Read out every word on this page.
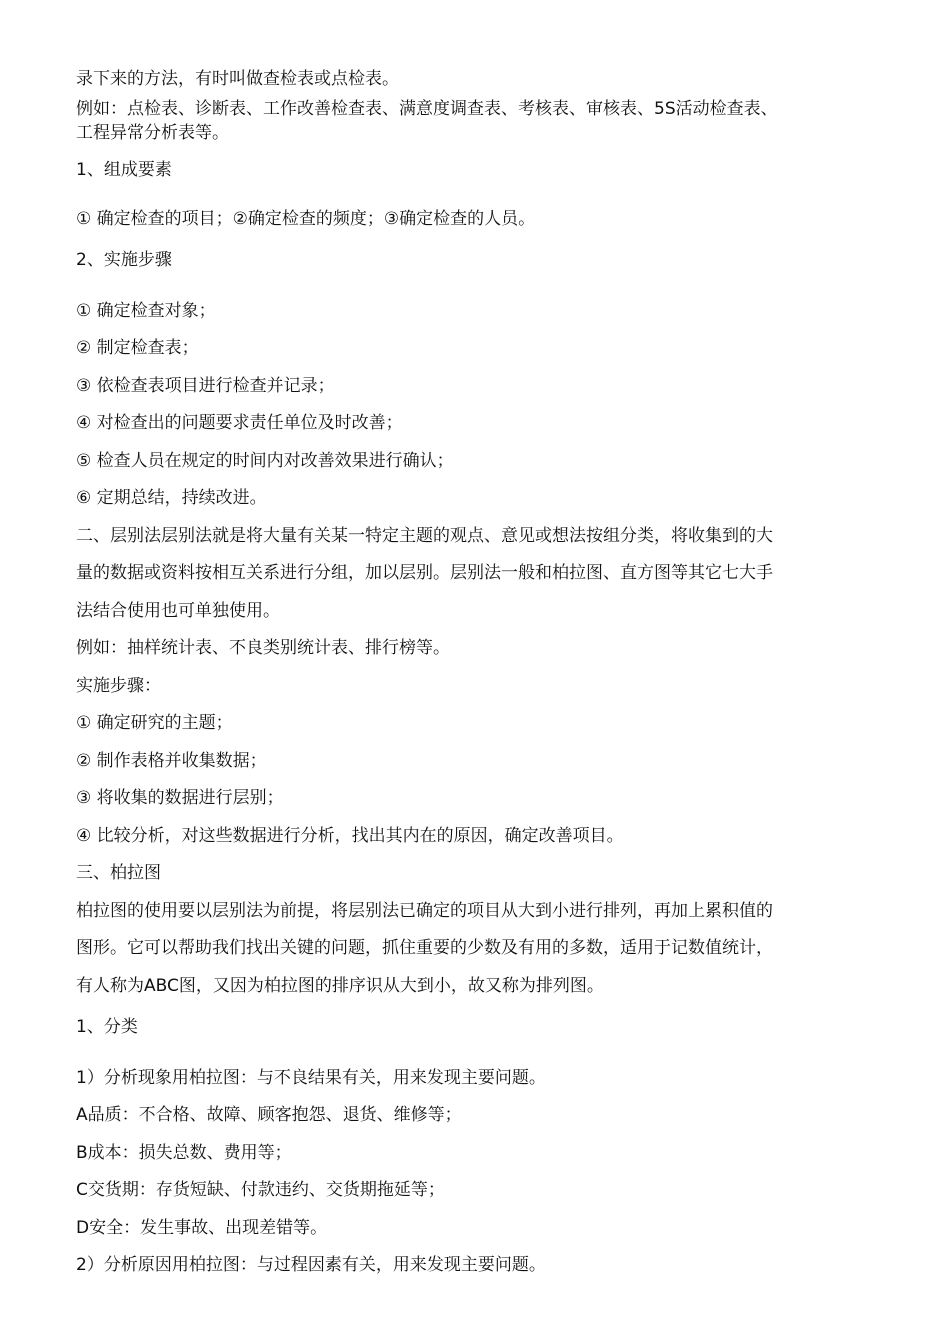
录下来的方法，有时叫做查检表或点检表。

例如：点检表、诊断表、工作改善检查表、满意度调查表、考核表、审核表、5S活动检查表、

工程异常分析表等。

1、组成要素

① 确定检查的项目；②确定检查的频度；③确定检查的人员。

2、实施步骤

① 确定检查对象；

② 制定检查表；

③ 依检查表项目进行检查并记录；

④ 对检查出的问题要求责任单位及时改善；

⑤ 检查人员在规定的时间内对改善效果进行确认；

⑥ 定期总结，持续改进。

二、层别法层别法就是将大量有关某一特定主题的观点、意见或想法按组分类，将收集到的大

量的数据或资料按相互关系进行分组，加以层别。层别法一般和柏拉图、直方图等其它七大手

法结合使用也可单独使用。

例如：抽样统计表、不良类别统计表、排行榜等。

实施步骤：

① 确定研究的主题；

② 制作表格并收集数据；

③ 将收集的数据进行层别；

④ 比较分析，对这些数据进行分析，找出其内在的原因，确定改善项目。

三、柏拉图

柏拉图的使用要以层别法为前提，将层别法已确定的项目从大到小进行排列，再加上累积值的

图形。它可以帮助我们找出关键的问题，抓住重要的少数及有用的多数，适用于记数值统计，

有人称为ABC图，又因为柏拉图的排序识从大到小，故又称为排列图。

1、分类

1）分析现象用柏拉图：与不良结果有关，用来发现主要问题。

A品质：不合格、故障、顾客抱怨、退货、维修等；

B成本：损失总数、费用等；

C交货期：存货短缺、付款违约、交货期拖延等；

D安全：发生事故、出现差错等。

2）分析原因用柏拉图：与过程因素有关，用来发现主要问题。
